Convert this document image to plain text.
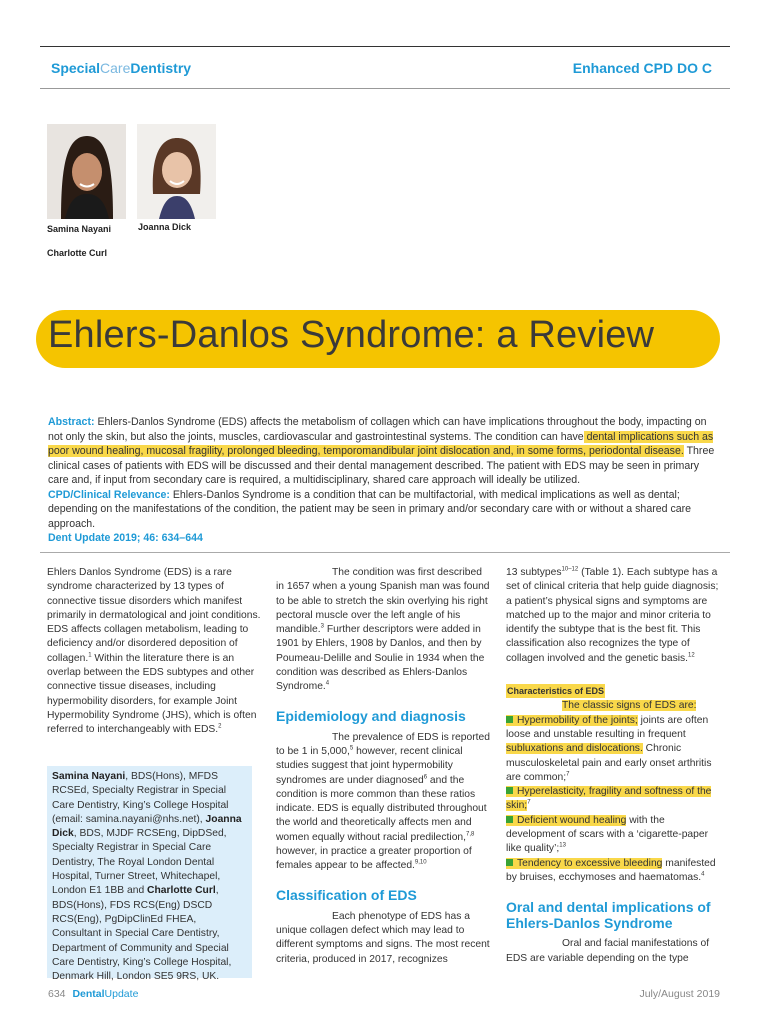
SpecialCareDentistry	Enhanced CPD DO C
Samina Nayani	Joanna Dick
Charlotte Curl
Ehlers-Danlos Syndrome: a Review

Abstract: Ehlers-Danlos Syndrome (EDS) affects the metabolism of collagen which can have implications throughout the body, impacting on not only the skin, but also the joints, muscles, cardiovascular and gastrointestinal systems. The condition can have dental implications such as poor wound healing, mucosal fragility, prolonged bleeding, temporomandibular joint dislocation and, in some forms, periodontal disease. Three clinical cases of patients with EDS will be discussed and their dental management described. The patient with EDS may be seen in primary care and, if input from secondary care is required, a multidisciplinary, shared care approach will ideally be utilized.

CPD/Clinical Relevance: Ehlers-Danlos Syndrome is a condition that can be multifactorial, with medical implications as well as dental; depending on the manifestations of the condition, the patient may be seen in primary and/or secondary care with or without a shared care approach.

Dent Update 2019; 46: 634–644

Ehlers Danlos Syndrome (EDS) is a rare syndrome characterized by 13 types of connective tissue disorders which manifest primarily in dermatological and joint conditions. EDS affects collagen metabolism, leading to deficiency and/or disordered deposition of collagen.$^1$ Within the literature there is an overlap between the EDS subtypes and other connective tissue diseases, including hypermobility disorders, for example Joint Hypermobility Syndrome (JHS), which is often referred to interchangeably with EDS.$^2$

Samina Nayani, BDS(Hons), MFDS RCSEd, Specialty Registrar in Special Care Dentistry, King’s College Hospital (email: samina.nayani@nhs.net), Joanna Dick, BDS, MJDF RCSEng, DipDSed, Specialty Registrar in Special Care Dentistry, The Royal London Dental Hospital, Turner Street, Whitechapel, London E1 1BB and Charlotte Curl, BDS(Hons), FDS RCS(Eng) DSCD RCS(Eng), PgDipClinEd FHEA, Consultant in Special Care Dentistry, Department of Community and Special Care Dentistry, King’s College Hospital, Denmark Hill, London SE5 9RS, UK.

The condition was first described in 1657 when a young Spanish man was found to be able to stretch the skin overlying his right pectoral muscle over the left angle of his mandible.$^3$ Further descriptors were added in 1901 by Ehlers, 1908 by Danlos, and then by Poumeau-Delille and Soulie in 1934 when the condition was described as Ehlers-Danlos Syndrome.$^4$

Epidemiology and diagnosis

The prevalence of EDS is reported to be 1 in 5,000,$^5$ however, recent clinical studies suggest that joint hypermobility syndromes are under diagnosed$^6$ and the condition is more common than these ratios indicate. EDS is equally distributed throughout the world and theoretically affects men and women equally without racial predilection,$^{7,8}$ however, in practice a greater proportion of females appear to be affected.$^{9,10}$

Classification of EDS

Each phenotype of EDS has a unique collagen defect which may lead to different symptoms and signs. The most recent criteria, produced in 2017, recognizes

13 subtypes$^{10-12}$ (Table 1). Each subtype has a set of clinical criteria that help guide diagnosis; a patient’s physical signs and symptoms are matched up to the major and minor criteria to identify the subtype that is the best fit. This classification also recognizes the type of collagen involved and the genetic basis.$^{12}$

Characteristics of EDS

The classic signs of EDS are:

Hypermobility of the joints; joints are often loose and unstable resulting in frequent subluxations and dislocations. Chronic musculoskeletal pain and early onset arthritis are common;$^7$

Hyperelasticity, fragility and softness of the skin;$^7$

Deficient wound healing with the development of scars with a ‘cigarette-paper like quality’;$^{13}$

Tendency to excessive bleeding manifested by bruises, ecchymoses and haematomas.$^4$

Oral and dental implications of Ehlers-Danlos Syndrome

Oral and facial manifestations of EDS are variable depending on the type

634 DentalUpdate	July/August 2019
